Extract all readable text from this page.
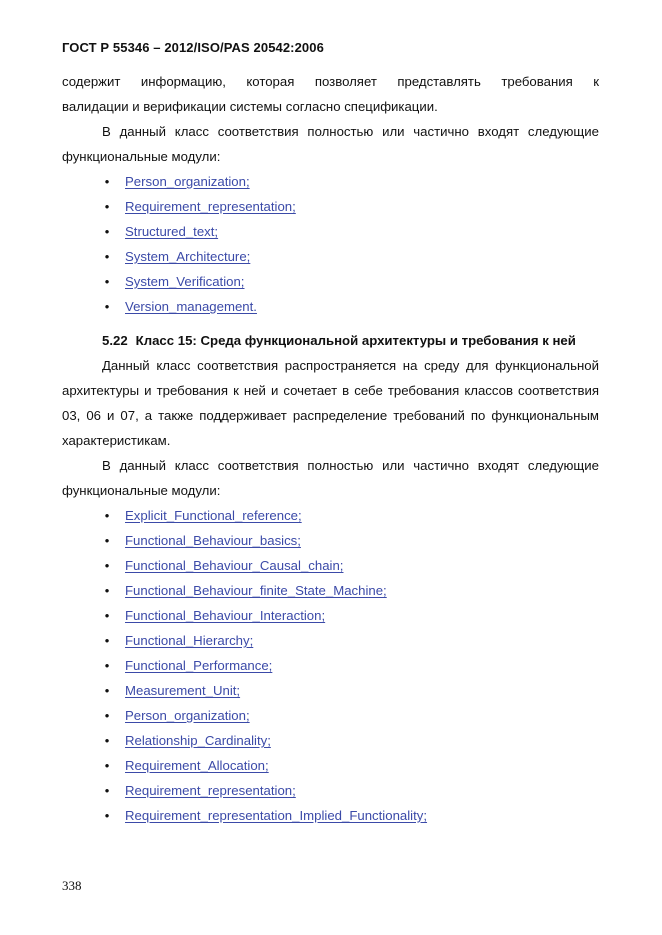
ГОСТ Р 55346 – 2012/ISO/PAS 20542:2006

содержит информацию, которая позволяет представлять требования к

валидации и верификации системы согласно спецификации.

В данный класс соответствия полностью или частично входят следующие функциональные модули:

• Person_organization;
• Requirement_representation;
• Structured_text;
• System_Architecture;
• System_Verification;
• Version_management.

5.22 Класс 15: Среда функциональной архитектуры и требования к ней

Данный класс соответствия распространяется на среду для функциональной архитектуры и требования к ней и сочетает в себе требования классов соответствия 03, 06 и 07, а также поддерживает распределение требований по функциональным характеристикам.

В данный класс соответствия полностью или частично входят следующие функциональные модули:

• Explicit_Functional_reference;
• Functional_Behaviour_basics;
• Functional_Behaviour_Causal_chain;
• Functional_Behaviour_finite_State_Machine;
• Functional_Behaviour_Interaction;
• Functional_Hierarchy;
• Functional_Performance;
• Measurement_Unit;
• Person_organization;
• Relationship_Cardinality;
• Requirement_Allocation;
• Requirement_representation;
• Requirement_representation_Implied_Functionality;
338
